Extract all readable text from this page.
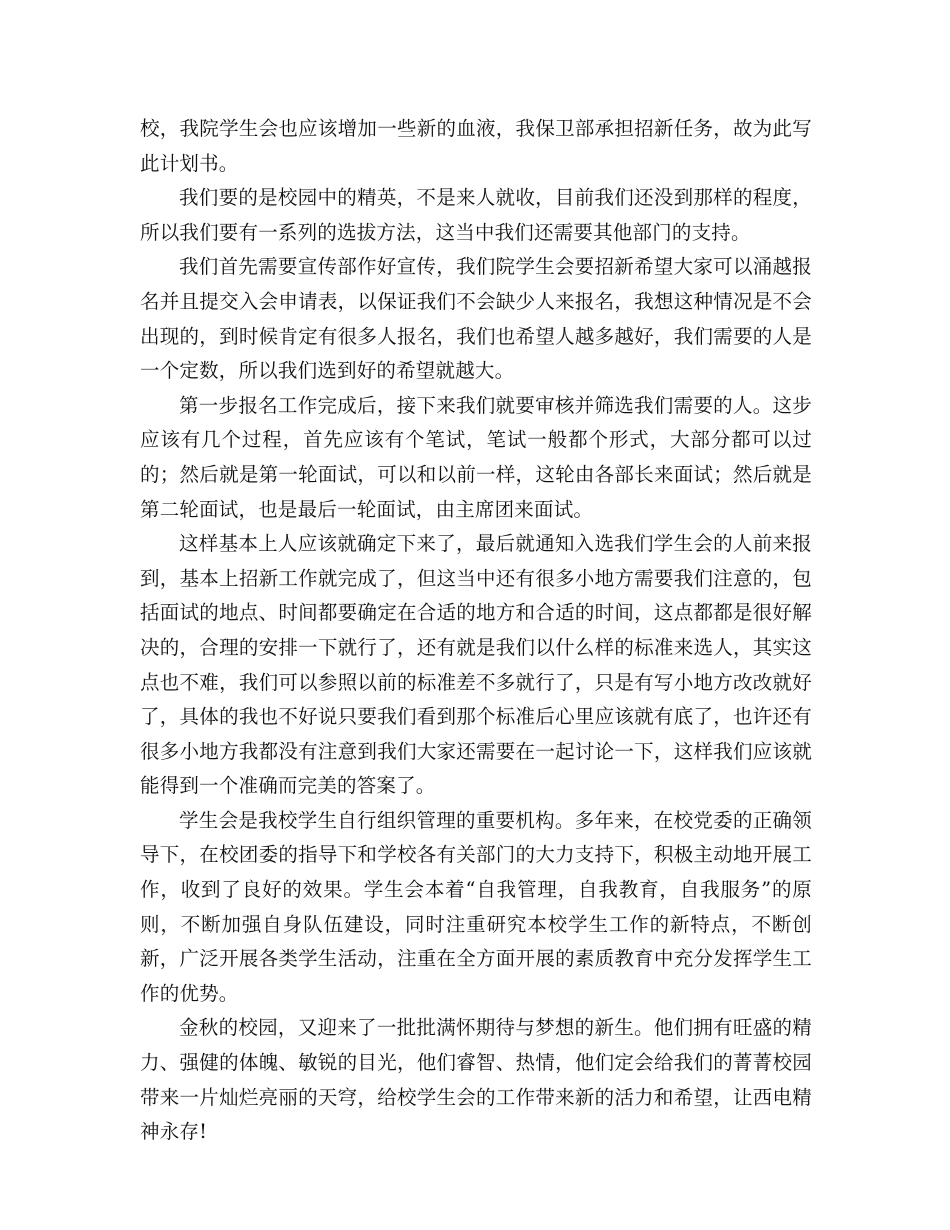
校，我院学生会也应该增加一些新的血液，我保卫部承担招新任务，故为此写此计划书。

我们要的是校园中的精英，不是来人就收，目前我们还没到那样的程度，所以我们要有一系列的选拔方法，这当中我们还需要其他部门的支持。

我们首先需要宣传部作好宣传，我们院学生会要招新希望大家可以涌越报名并且提交入会申请表，以保证我们不会缺少人来报名，我想这种情况是不会出现的，到时候肯定有很多人报名，我们也希望人越多越好，我们需要的人是一个定数，所以我们选到好的希望就越大。

第一步报名工作完成后，接下来我们就要审核并筛选我们需要的人。这步应该有几个过程，首先应该有个笔试，笔试一般都个形式，大部分都可以过的；然后就是第一轮面试，可以和以前一样，这轮由各部长来面试；然后就是第二轮面试，也是最后一轮面试，由主席团来面试。

这样基本上人应该就确定下来了，最后就通知入选我们学生会的人前来报到，基本上招新工作就完成了，但这当中还有很多小地方需要我们注意的，包括面试的地点、时间都要确定在合适的地方和合适的时间，这点都都是很好解决的，合理的安排一下就行了，还有就是我们以什么样的标准来选人，其实这点也不难，我们可以参照以前的标准差不多就行了，只是有写小地方改改就好了，具体的我也不好说只要我们看到那个标准后心里应该就有底了，也许还有很多小地方我都没有注意到我们大家还需要在一起讨论一下，这样我们应该就能得到一个准确而完美的答案了。

学生会是我校学生自行组织管理的重要机构。多年来，在校党委的正确领导下，在校团委的指导下和学校各有关部门的大力支持下，积极主动地开展工作，收到了良好的效果。学生会本着“自我管理，自我教育，自我服务”的原则，不断加强自身队伍建设，同时注重研究本校学生工作的新特点，不断创新，广泛开展各类学生活动，注重在全方面开展的素质教育中充分发挥学生工作的优势。

金秋的校园，又迎来了一批批满怀期待与梦想的新生。他们拥有旺盛的精力、强健的体魄、敏锐的目光，他们睿智、热情，他们定会给我们的菁菁校园带来一片灿烂亮丽的天穹，给校学生会的工作带来新的活力和希望，让西电精神永存!
